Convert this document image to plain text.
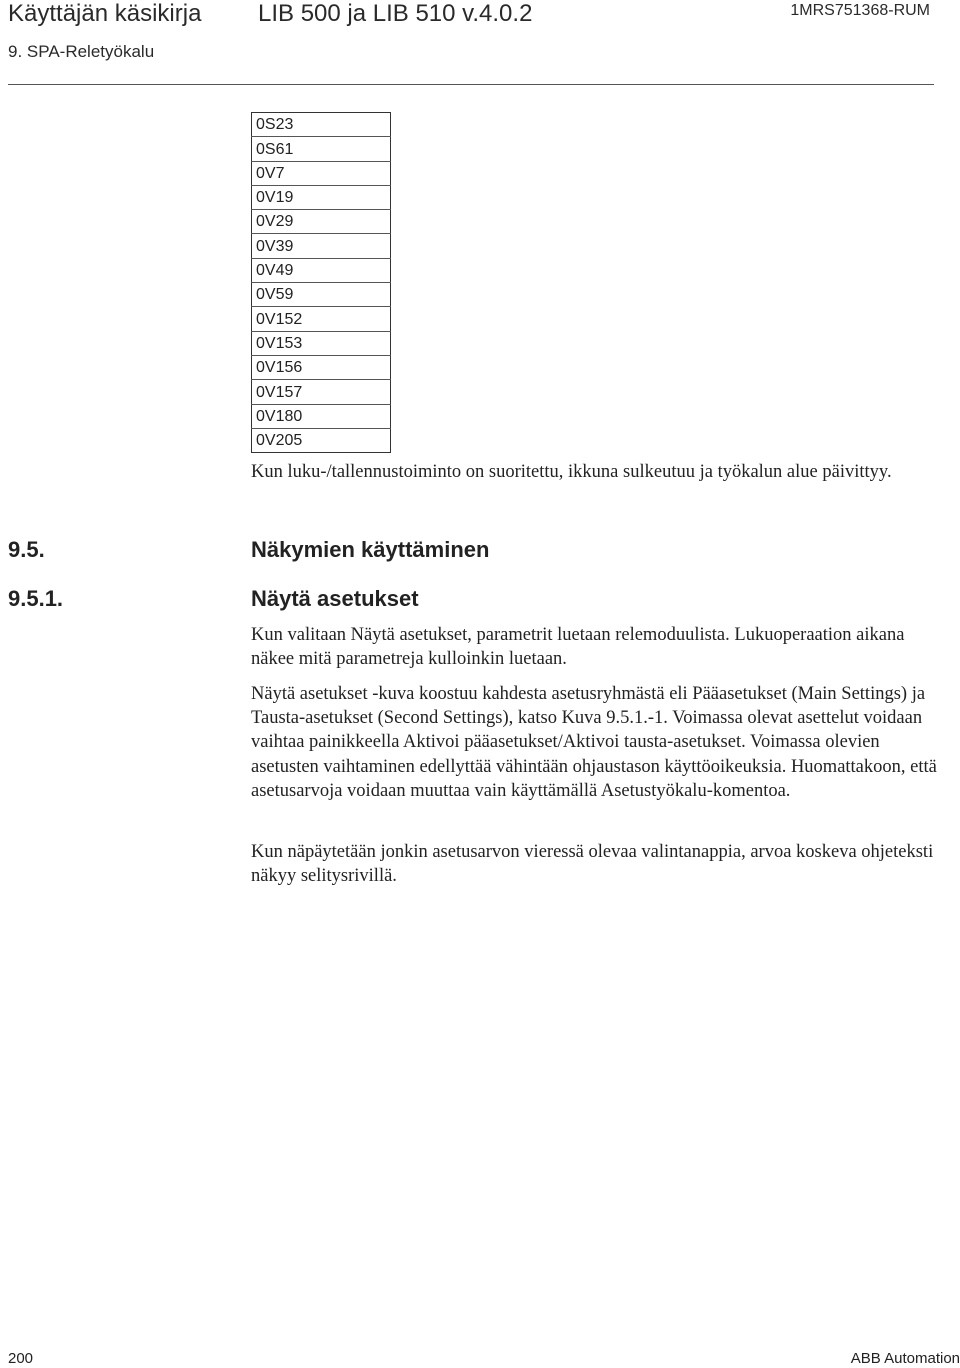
Käyttäjän käsikirja LIB 500 ja LIB 510 v.4.0.2	1MRS751368-RUM
9. SPA-Reletyökalu
0S23
0S61
0V7
0V19
0V29
0V39
0V49
0V59
0V152
0V153
0V156
0V157
0V180
0V205

Kun luku-/tallennustoiminto on suoritettu, ikkuna sulkeutuu ja työkalun alue päivittyy.

9.5.	Näkymien käyttäminen
9.5.1.	Näytä asetukset

Kun valitaan Näytä asetukset, parametrit luetaan relemoduulista. Lukuoperaation aikana näkee mitä parametreja kulloinkin luetaan.

Näytä asetukset -kuva koostuu kahdesta asetusryhmästä eli Pääasetukset (Main Settings) ja Tausta-asetukset (Second Settings), katso Kuva 9.5.1.-1. Voimassa olevat asettelut voidaan vaihtaa painikkeella Aktivoi pääasetukset/Aktivoi tausta-asetukset. Voimassa olevien asetusten vaihtaminen edellyttää vähintään ohjaustason käyttöoikeuksia. Huomattakoon, että asetusarvoja voidaan muuttaa vain käyttämällä Asetustyökalu-komentoa.

Kun näpäytetään jonkin asetusarvon vieressä olevaa valintanappia, arvoa koskeva ohjeteksti näkyy selitysrivillä.

200	ABB Automation
